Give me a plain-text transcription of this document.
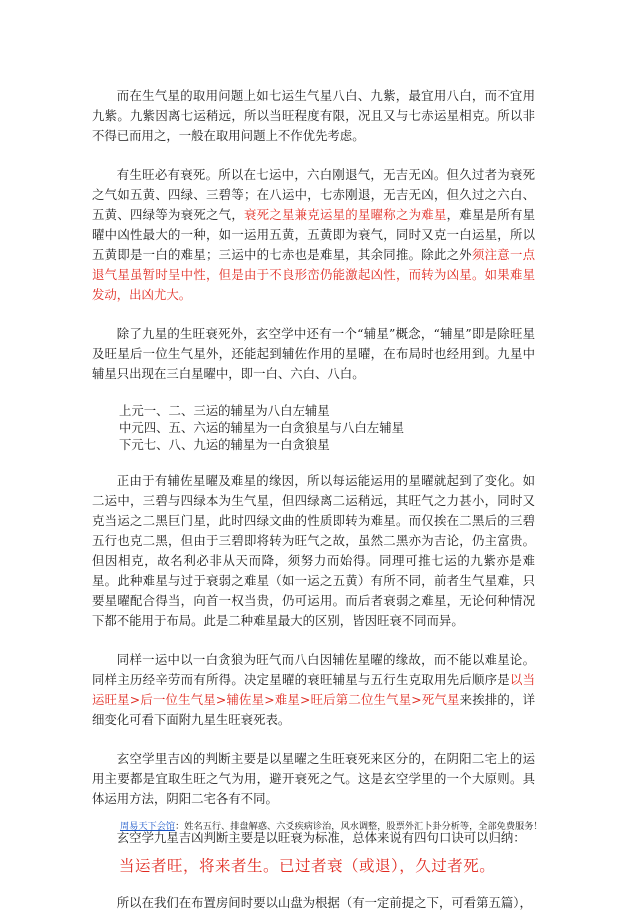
而在生气星的取用问题上如七运生气星八白、九紫，最宜用八白，而不宜用九紫。九紫因离七运稍远，所以当旺程度有限，况且又与七赤运星相克。所以非不得已而用之，一般在取用问题上不作优先考虑。

有生旺必有衰死。所以在七运中，六白刚退气，无吉无凶。但久过者为衰死之气如五黄、四绿、三碧等；在八运中，七赤刚退，无吉无凶，但久过之六白、五黄、四绿等为衰死之气，衰死之星兼克运星的星曜称之为难星，难星是所有星曜中凶性最大的一种，如一运用五黄，五黄即为衰气，同时又克一白运星，所以五黄即是一白的难星；三运中的七赤也是难星，其余同推。除此之外须注意一点退气星虽暂时呈中性，但是由于不良形峦仍能激起凶性，而转为凶星。如果难星发动，出凶尤大。

除了九星的生旺衰死外，玄空学中还有一个“辅星”概念，“辅星”即是除旺星及旺星后一位生气星外，还能起到辅佐作用的星曜，在布局时也经用到。九星中辅星只出现在三白星曜中，即一白、六白、八白。

上元一、二、三运的辅星为八白左辅星

中元四、五、六运的辅星为一白贪狼星与八白左辅星

下元七、八、九运的辅星为一白贪狼星

正由于有辅佐星曜及难星的缘因，所以每运能运用的星曜就起到了变化。如二运中，三碧与四绿本为生气星，但四绿离二运稍远，其旺气之力甚小，同时又克当运之二黑巨门星，此时四绿文曲的性质即转为难星。而仅挨在二黑后的三碧五行也克二黑，但由于三碧即将转为旺气之故，虽然二黑亦为吉论，仍主富贵。但因相克，故名利必非从天而降，须努力而始得。同理可推七运的九紫亦是难星。此种难星与过于衰弱之难星（如一运之五黄）有所不同，前者生气星难，只要星曜配合得当，向首一权当贵，仍可运用。而后者衰弱之难星，无论何种情况下都不能用于布局。此是二种难星最大的区别，皆因旺衰不同而异。

同样一运中以一白贪狼为旺气而八白因辅佐星曜的缘故，而不能以难星论。同样主历经辛劳而有所得。决定星曜的衰旺辅星与五行生克取用先后顺序是以当运旺星>后一位生气星>辅佐星>难星>旺后第二位生气星>死气星来挨排的，详细变化可看下面附九星生旺衰死表。

玄空学里吉凶的判断主要是以星曜之生旺衰死来区分的，在阴阳二宅上的运用主要都是宜取生旺之气为用，避开衰死之气。这是玄空学里的一个大原则。具体运用方法，阴阳二宅各有不同。

玄空学九星吉凶判断主要是以旺衰为标准，总体来说有四句口诀可以归纳：

当运者旺，将来者生。已过者衰（或退），久过者死。

所以在我们在布置房间时要以山盘为根据（有一定前提之下，可看第五篇），

周易天下会馆：姓名五行、排盘解惑、六爻疾病诊治，风水调整，股票外汇卜卦分析等，全部免费服务！
